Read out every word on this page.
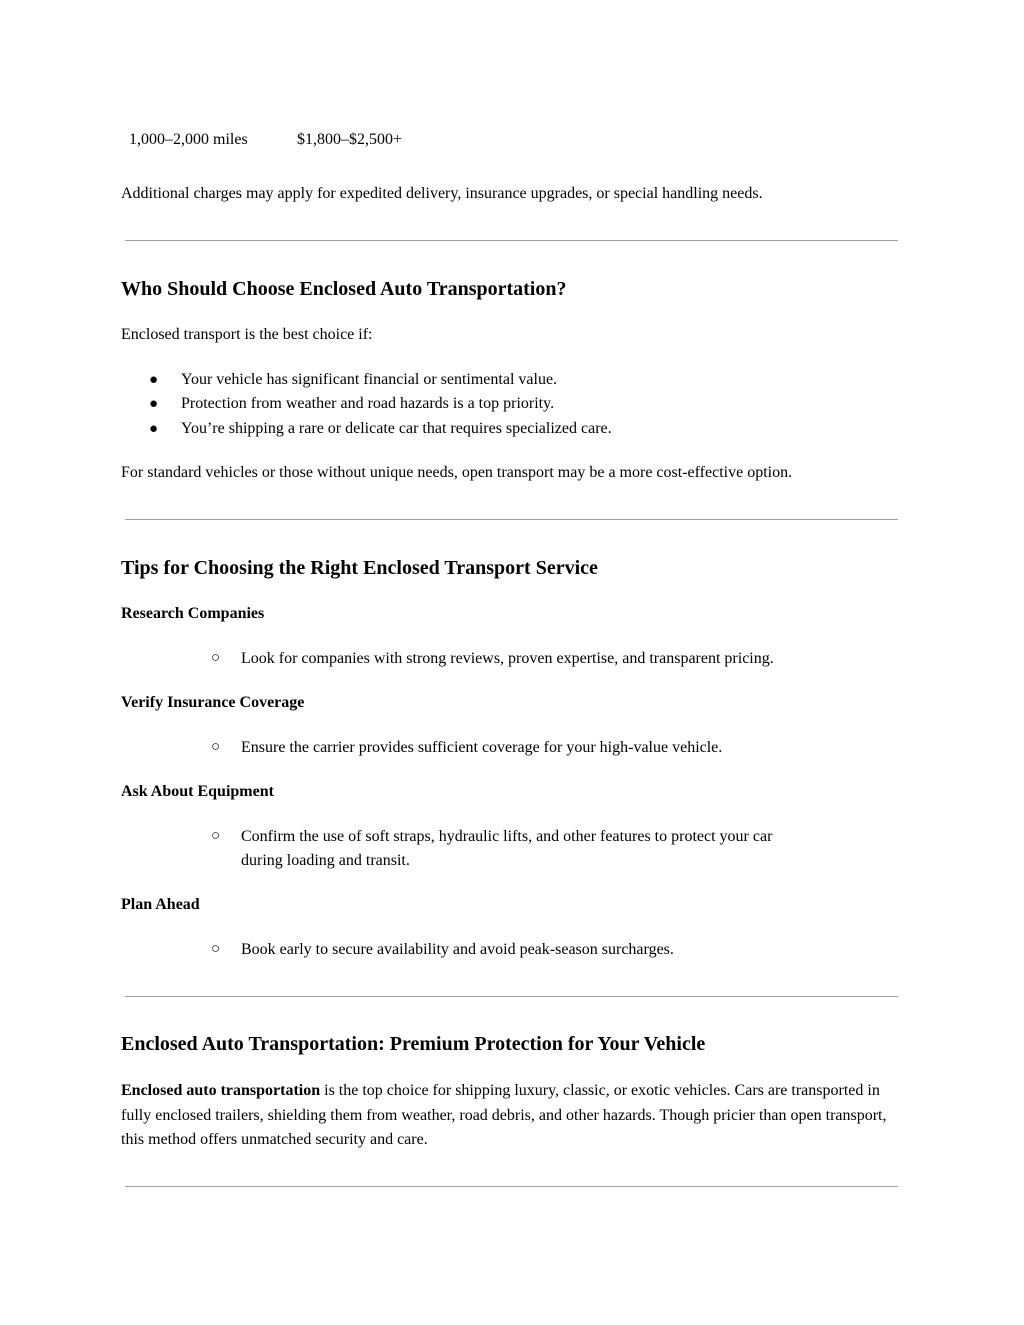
1,000–2,000 miles	$1,800–$2,500+
Additional charges may apply for expedited delivery, insurance upgrades, or special handling needs.
Who Should Choose Enclosed Auto Transportation?
Enclosed transport is the best choice if:
● Your vehicle has significant financial or sentimental value.
● Protection from weather and road hazards is a top priority.
● You’re shipping a rare or delicate car that requires specialized care.
For standard vehicles or those without unique needs, open transport may be a more cost-effective option.
Tips for Choosing the Right Enclosed Transport Service
Research Companies
○ Look for companies with strong reviews, proven expertise, and transparent pricing.
Verify Insurance Coverage
○ Ensure the carrier provides sufficient coverage for your high-value vehicle.
Ask About Equipment
○ Confirm the use of soft straps, hydraulic lifts, and other features to protect your car
during loading and transit.
Plan Ahead
○ Book early to secure availability and avoid peak-season surcharges.
Enclosed Auto Transportation: Premium Protection for Your Vehicle
Enclosed auto transportation is the top choice for shipping luxury, classic, or exotic vehicles. Cars are transported in fully enclosed trailers, shielding them from weather, road debris, and other hazards. Though pricier than open transport, this method offers unmatched security and care.
